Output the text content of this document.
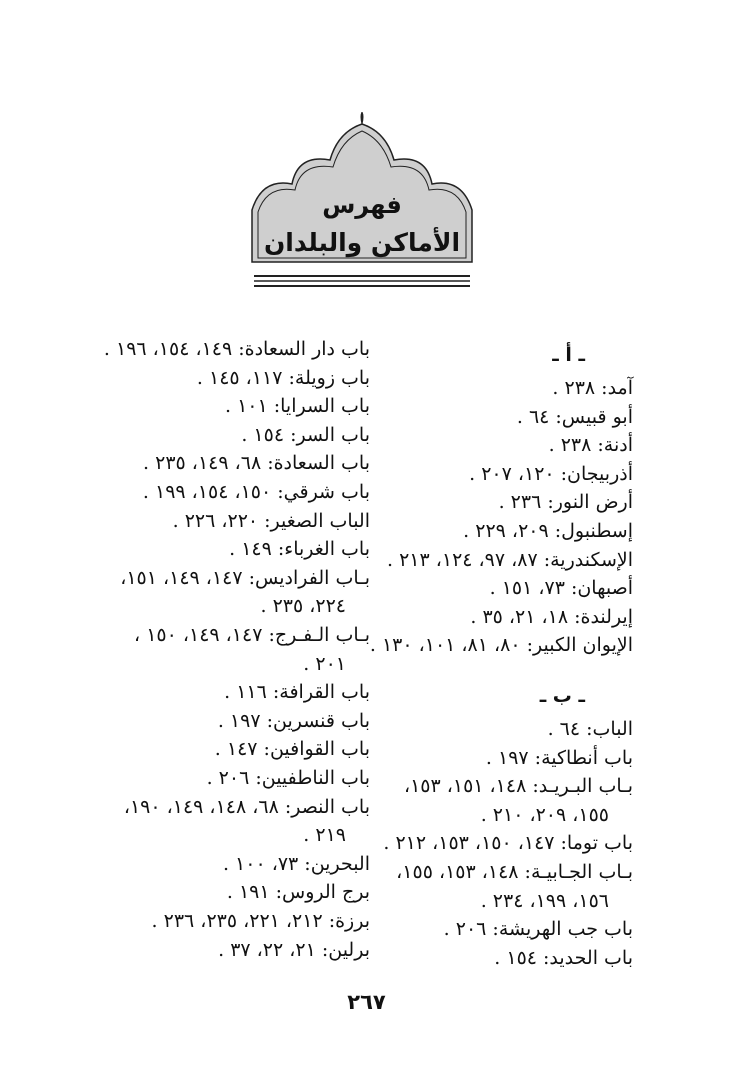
فهرس
الأماكن والبلدان
ـ أ ـ
آمد: ٢٣٨ .
أبو قبيس: ٦٤ .
أدنة: ٢٣٨ .
أذربيجان: ١٢٠، ٢٠٧ .
أرض النور: ٢٣٦ .
إسطنبول: ٢٠٩، ٢٢٩ .
الإسكندرية: ٨٧، ٩٧، ١٢٤، ٢١٣ .
أصبهان: ٧٣، ١٥١ .
إيرلندة: ١٨، ٢١، ٣٥ .
الإيوان الكبير: ٨٠، ٨١، ١٠١، ١٣٠ .
ـ ب ـ
الباب: ٦٤ .
باب أنطاكية: ١٩٧ .
بـاب البـريـد: ١٤٨، ١٥١، ١٥٣،
١٥٥، ٢٠٩، ٢١٠ .
باب توما: ١٤٧، ١٥٠، ١٥٣، ٢١٢ .
بـاب الجـابيـة: ١٤٨، ١٥٣، ١٥٥،
١٥٦، ١٩٩، ٢٣٤ .
باب جب الهريشة: ٢٠٦ .
باب الحديد: ١٥٤ .
باب دار السعادة: ١٤٩، ١٥٤، ١٩٦ .
باب زويلة: ١١٧، ١٤٥ .
باب السرايا: ١٠١ .
باب السر: ١٥٤ .
باب السعادة: ٦٨، ١٤٩، ٢٣٥ .
باب شرقي: ١٥٠، ١٥٤، ١٩٩ .
الباب الصغير: ٢٢٠، ٢٢٦ .
باب الغرباء: ١٤٩ .
بـاب الفراديس: ١٤٧، ١٤٩، ١٥١،
٢٢٤، ٢٣٥ .
بـاب الـفـرج: ١٤٧، ١٤٩، ١٥٠ ،
٢٠١ .
باب القرافة: ١١٦ .
باب قنسرين: ١٩٧ .
باب القوافين: ١٤٧ .
باب الناطفيين: ٢٠٦ .
باب النصر: ٦٨، ١٤٨، ١٤٩، ١٩٠،
٢١٩ .
البحرين: ٧٣، ١٠٠ .
برج الروس: ١٩١ .
برزة: ٢١٢، ٢٢١، ٢٣٥، ٢٣٦ .
برلين: ٢١، ٢٢، ٣٧ .
٢٦٧
